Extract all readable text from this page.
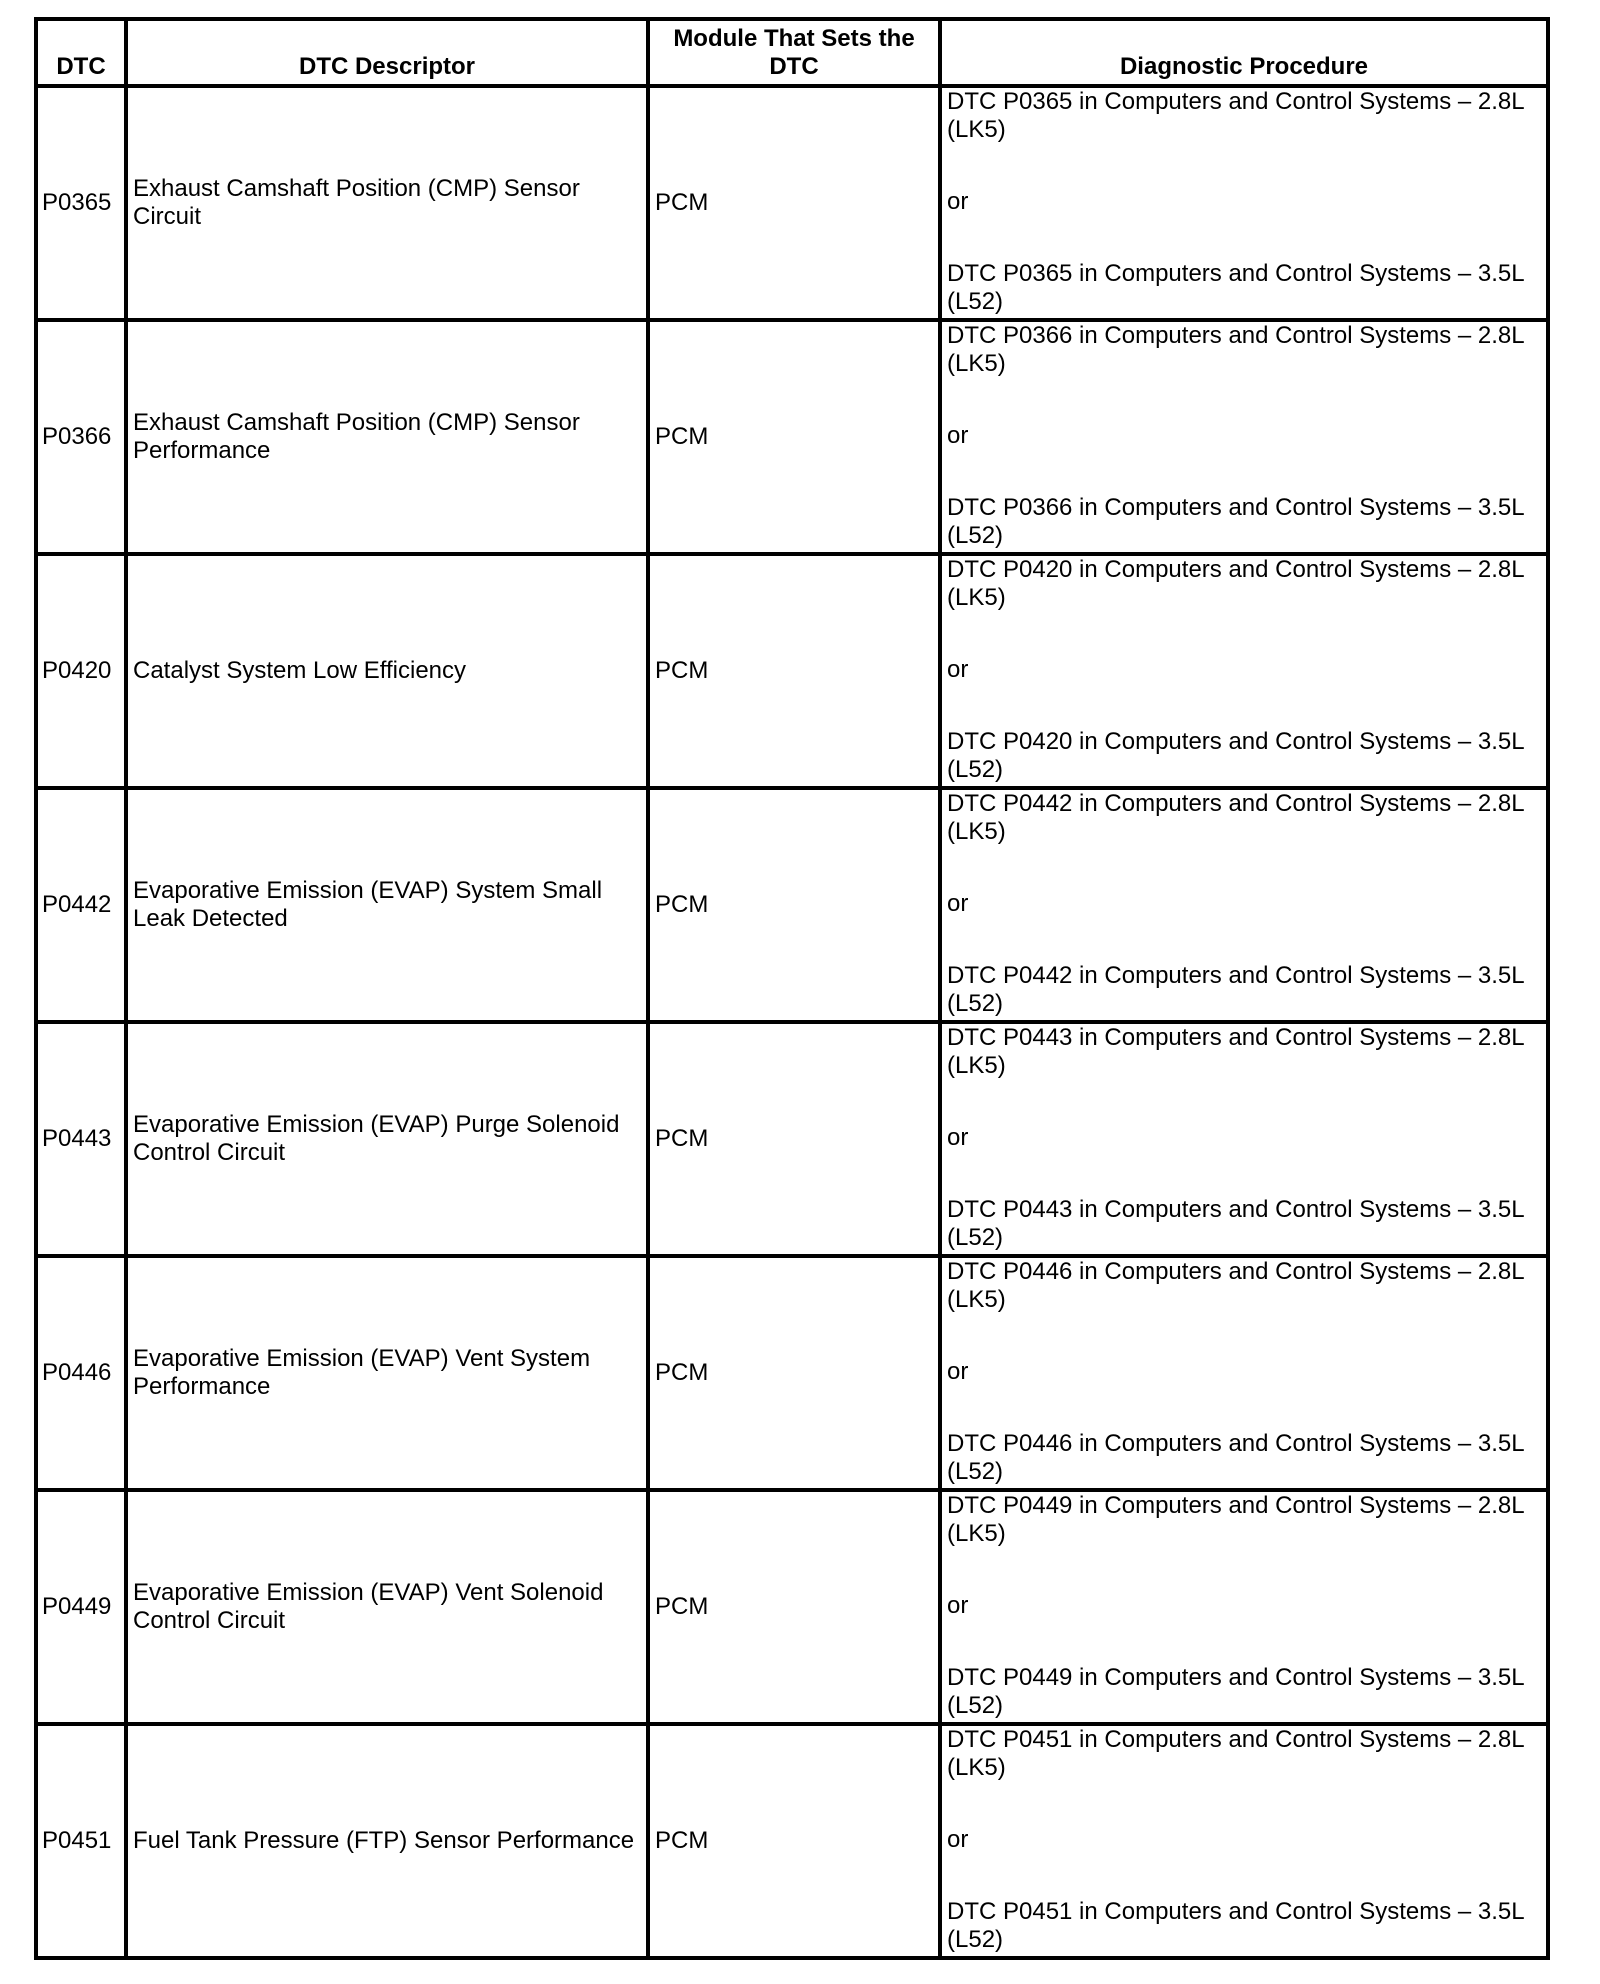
DTC	DTC Descriptor	Module That Sets the DTC	Diagnostic Procedure
P0365	Exhaust Camshaft Position (CMP) Sensor Circuit	PCM	DTC P0365 in Computers and Control Systems – 2.8L (LK5)

or

DTC P0365 in Computers and Control Systems – 3.5L (L52)

P0366	Exhaust Camshaft Position (CMP) Sensor Performance	PCM	DTC P0366 in Computers and Control Systems – 2.8L (LK5)

or

DTC P0366 in Computers and Control Systems – 3.5L (L52)

P0420	Catalyst System Low Efficiency	PCM	DTC P0420 in Computers and Control Systems – 2.8L (LK5)

or

DTC P0420 in Computers and Control Systems – 3.5L (L52)

P0442	Evaporative Emission (EVAP) System Small Leak Detected	PCM	DTC P0442 in Computers and Control Systems – 2.8L (LK5)

or

DTC P0442 in Computers and Control Systems – 3.5L (L52)

P0443	Evaporative Emission (EVAP) Purge Solenoid Control Circuit	PCM	DTC P0443 in Computers and Control Systems – 2.8L (LK5)

or

DTC P0443 in Computers and Control Systems – 3.5L (L52)

P0446	Evaporative Emission (EVAP) Vent System Performance	PCM	DTC P0446 in Computers and Control Systems – 2.8L (LK5)

or

DTC P0446 in Computers and Control Systems – 3.5L (L52)

P0449	Evaporative Emission (EVAP) Vent Solenoid Control Circuit	PCM	DTC P0449 in Computers and Control Systems – 2.8L (LK5)

or

DTC P0449 in Computers and Control Systems – 3.5L (L52)

P0451	Fuel Tank Pressure (FTP) Sensor Performance	PCM	DTC P0451 in Computers and Control Systems – 2.8L (LK5)

or

DTC P0451 in Computers and Control Systems – 3.5L (L52)
